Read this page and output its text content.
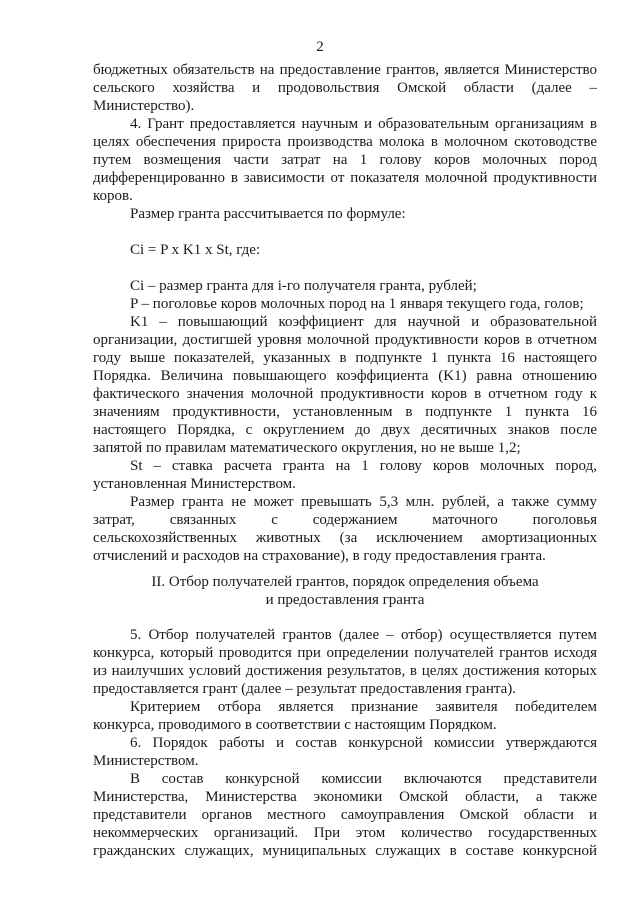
2
бюджетных обязательств на предоставление грантов, является Министерство
сельского хозяйства и продовольствия Омской области (далее –
Министерство).
4. Грант предоставляется научным и образовательным организациям в
целях обеспечения прироста производства молока в молочном скотоводстве
путем возмещения части затрат на 1 голову коров молочных пород
дифференцированно в зависимости от показателя молочной продуктивности
коров.
Размер гранта рассчитывается по формуле:
Ci = P x K1 x St, где:
Ci – размер гранта для i-го получателя гранта, рублей;
P – поголовье коров молочных пород на 1 января текущего года, голов;
K1 – повышающий коэффициент для научной и образовательной
организации, достигшей уровня молочной продуктивности коров в отчетном
году выше показателей, указанных в подпункте 1 пункта 16 настоящего
Порядка. Величина повышающего коэффициента (K1) равна отношению
фактического значения молочной продуктивности коров в отчетном году к
значениям продуктивности, установленным в подпункте 1 пункта 16
настоящего Порядка, с округлением до двух десятичных знаков после
запятой по правилам математического округления, но не выше 1,2;
St – ставка расчета гранта на 1 голову коров молочных пород,
установленная Министерством.
Размер гранта не может превышать 5,3 млн. рублей, а также сумму
затрат, связанных с содержанием маточного поголовья
сельскохозяйственных животных (за исключением амортизационных
отчислений и расходов на страхование), в году предоставления гранта.
II. Отбор получателей грантов, порядок определения объема
и предоставления гранта
5. Отбор получателей грантов (далее – отбор) осуществляется путем
конкурса, который проводится при определении получателей грантов исходя
из наилучших условий достижения результатов, в целях достижения которых
предоставляется грант (далее – результат предоставления гранта).
Критерием отбора является признание заявителя победителем
конкурса, проводимого в соответствии с настоящим Порядком.
6. Порядок работы и состав конкурсной комиссии утверждаются
Министерством.
В состав конкурсной комиссии включаются представители
Министерства, Министерства экономики Омской области, а также
представители органов местного самоуправления Омской области и
некоммерческих организаций. При этом количество государственных
гражданских служащих, муниципальных служащих в составе конкурсной
